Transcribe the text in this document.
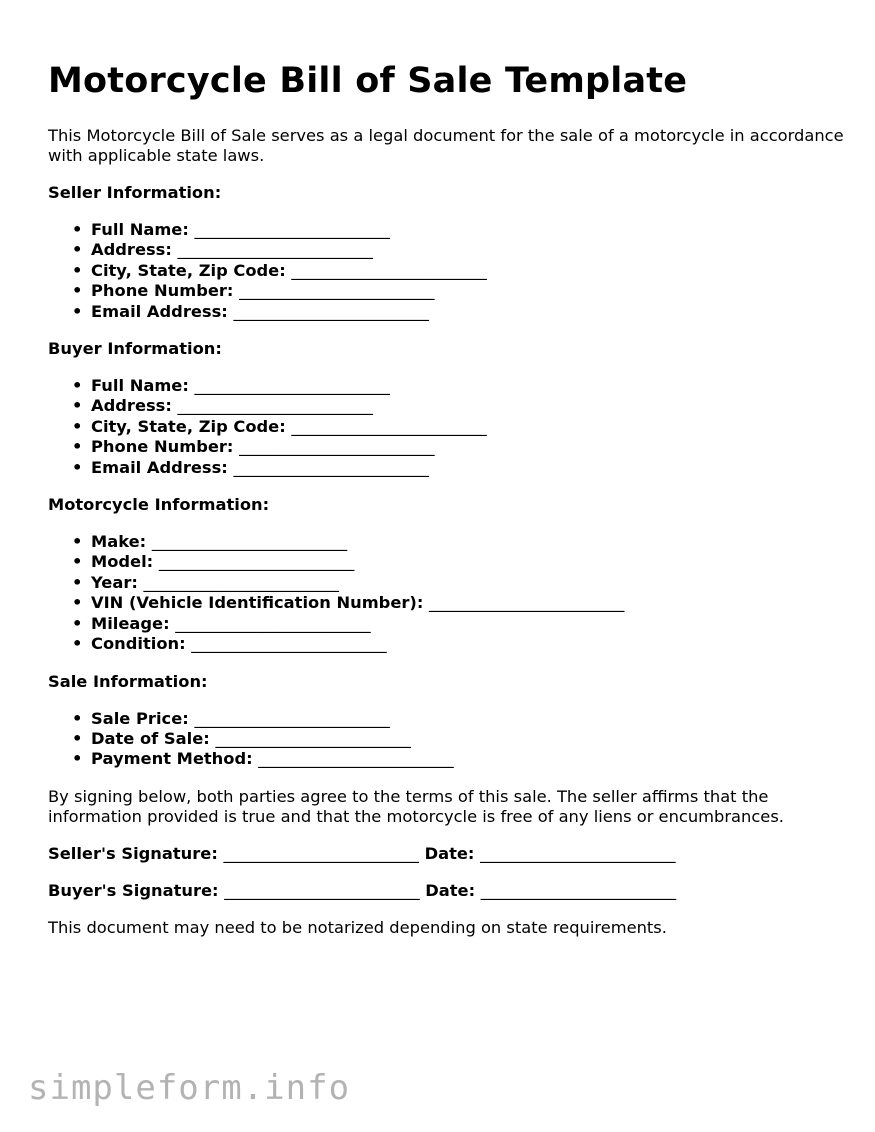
Motorcycle Bill of Sale Template

This Motorcycle Bill of Sale serves as a legal document for the sale of a motorcycle in accordance with applicable state laws.

Seller Information:
• Full Name: ________________________
• Address: ________________________
• City, State, Zip Code: ________________________
• Phone Number: ________________________
• Email Address: ________________________
Buyer Information:
• Full Name: ________________________
• Address: ________________________
• City, State, Zip Code: ________________________
• Phone Number: ________________________
• Email Address: ________________________
Motorcycle Information:
• Make: ________________________
• Model: ________________________
• Year: ________________________
• VIN (Vehicle Identification Number): ________________________
• Mileage: ________________________
• Condition: ________________________
Sale Information:
• Sale Price: ________________________
• Date of Sale: ________________________
• Payment Method: ________________________

By signing below, both parties agree to the terms of this sale. The seller affirms that the information provided is true and that the motorcycle is free of any liens or encumbrances.

Seller's Signature: ________________________ Date: ________________________
Buyer's Signature: ________________________ Date: ________________________

This document may need to be notarized depending on state requirements.

simpleform.info
